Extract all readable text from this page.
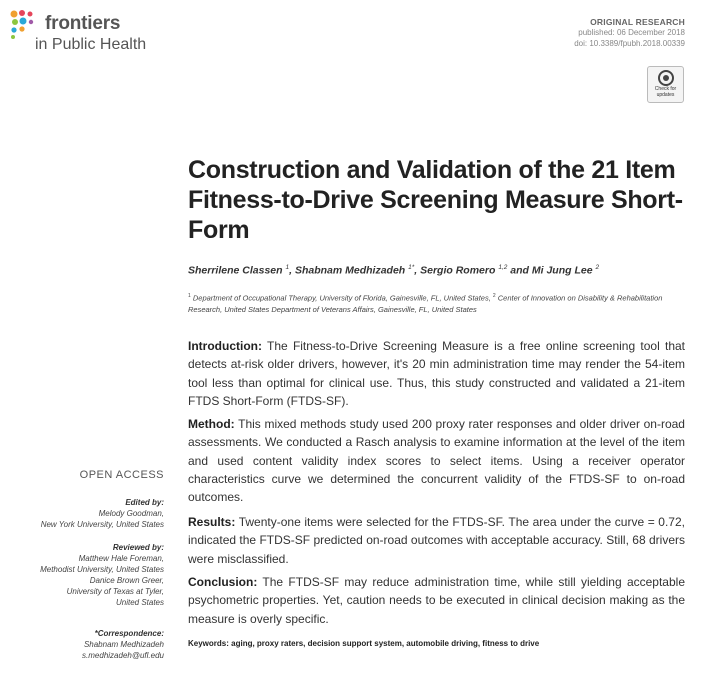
frontiers
in Public Health
ORIGINAL RESEARCH
published: 06 December 2018
doi: 10.3389/fpubh.2018.00339
Check for
updates
Construction and Validation of the 21 Item Fitness-to-Drive Screening Measure Short-Form
Sherrilene Classen $^1$, Shabnam Medhizadeh $^{1*}$, Sergio Romero $^{1,2}$ and Mi Jung Lee $^2$
$^1$ Department of Occupational Therapy, University of Florida, Gainesville, FL, United States, $^2$ Center of Innovation on Disability & Rehabilitation Research, United States Department of Veterans Affairs, Gainesville, FL, United States
Introduction: The Fitness-to-Drive Screening Measure is a free online screening tool that detects at-risk older drivers, however, it's 20 min administration time may render the 54-item tool less than optimal for clinical use. Thus, this study constructed and validated a 21-item FTDS Short-Form (FTDS-SF).
Method: This mixed methods study used 200 proxy rater responses and older driver on-road assessments. We conducted a Rasch analysis to examine information at the level of the item and used content validity index scores to select items. Using a receiver operator characteristics curve we determined the concurrent validity of the FTDS-SF to on-road outcomes.
Results: Twenty-one items were selected for the FTDS-SF. The area under the curve = 0.72, indicated the FTDS-SF predicted on-road outcomes with acceptable accuracy. Still, 68 drivers were misclassified.
Conclusion: The FTDS-SF may reduce administration time, while still yielding acceptable psychometric properties. Yet, caution needs to be executed in clinical decision making as the measure is overly specific.
Keywords: aging, proxy raters, decision support system, automobile driving, fitness to drive
OPEN ACCESS
Edited by:
Melody Goodman,
New York University, United States
Reviewed by:
Matthew Hale Foreman,
Methodist University, United States
Danice Brown Greer,
University of Texas at Tyler,
United States
*Correspondence:
Shabnam Medhizadeh
s.medhizadeh@ufl.edu
